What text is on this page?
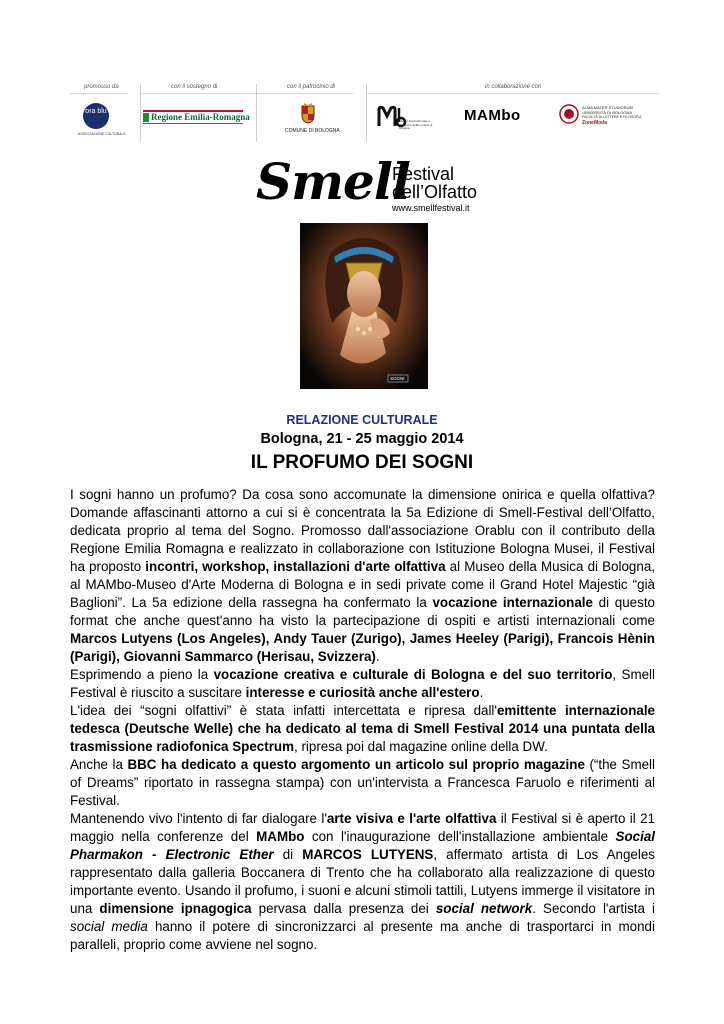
promosso da
ora blu
ASSOCIAZIONE CULTURALE
con il sostegno di
Regione Emilia-Romagna
con il patrocinio di
COMUNE DI BOLOGNA
in collaborazione con
museo internazionale e biblioteca della musica di bologna
MAMbo	ALMA MATER STUDIORUM
UNIVERSITÀ DI BOLOGNA
FACOLTÀ DI LETTERE E FILOSOFIA
ZoneModa
Smell
Festival
dell’Olfatto
www.smellfestival.it
SOGNI
RELAZIONE CULTURALE
Bologna, 21 - 25 maggio 2014
IL PROFUMO DEI SOGNI

I sogni hanno un profumo? Da cosa sono accomunate la dimensione onirica e quella olfattiva? Domande affascinanti attorno a cui si è concentrata la 5a Edizione di Smell-Festival dell’Olfatto, dedicata proprio al tema del Sogno. Promosso dall'associazione Orablu con il contributo della Regione Emilia Romagna e realizzato in collaborazione con Istituzione Bologna Musei, il Festival ha proposto incontri, workshop, installazioni d'arte olfattiva al Museo della Musica di Bologna, al MAMbo-Museo d'Arte Moderna di Bologna e in sedi private come il Grand Hotel Majestic “già Baglioni”. La 5a edizione della rassegna ha confermato la vocazione internazionale di questo format che anche quest'anno ha visto la partecipazione di ospiti e artisti internazionali come Marcos Lutyens (Los Angeles), Andy Tauer (Zurigo), James Heeley (Parigi), Francois Hènin (Parigi), Giovanni Sammarco (Herisau, Svizzera).

Esprimendo a pieno la vocazione creativa e culturale di Bologna e del suo territorio, Smell Festival è riuscito a suscitare interesse e curiosità anche all'estero.

L'idea dei “sogni olfattivi” è stata infatti intercettata e ripresa dall'emittente internazionale tedesca (Deutsche Welle) che ha dedicato al tema di Smell Festival 2014 una puntata della trasmissione radiofonica Spectrum, ripresa poi dal magazine online della DW.

Anche la BBC ha dedicato a questo argomento un articolo sul proprio magazine (“the Smell of Dreams” riportato in rassegna stampa) con un'intervista a Francesca Faruolo e riferimenti al Festival.

Mantenendo vivo l'intento di far dialogare l'arte visiva e l'arte olfattiva il Festival si è aperto il 21 maggio nella conferenze del MAMbo con l'inaugurazione dell'installazione ambientale Social Pharmakon - Electronic Ether di MARCOS LUTYENS, affermato artista di Los Angeles rappresentato dalla galleria Boccanera di Trento che ha collaborato alla realizzazione di questo importante evento. Usando il profumo, i suoni e alcuni stimoli tattili, Lutyens immerge il visitatore in una dimensione ipnagogica pervasa dalla presenza dei social network. Secondo l'artista i social media hanno il potere di sincronizzarci al presente ma anche di trasportarci in mondi paralleli, proprio come avviene nel sogno.
